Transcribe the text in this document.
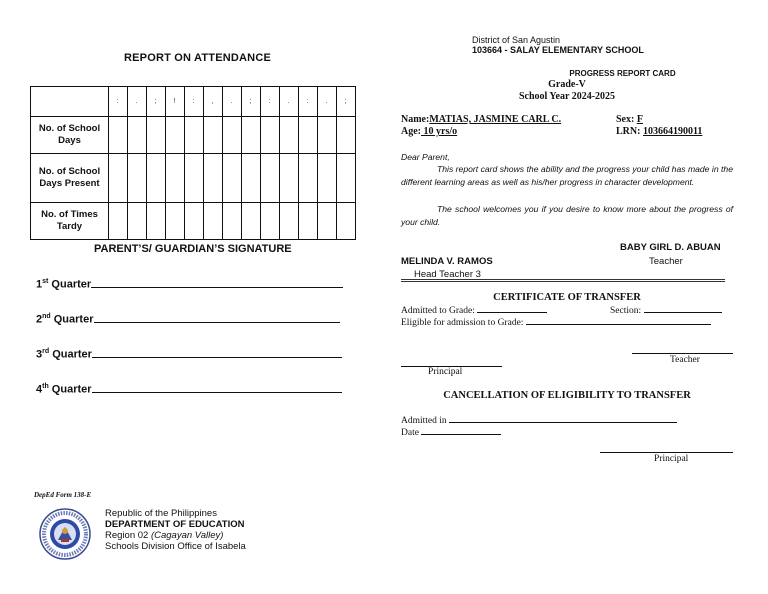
REPORT ON ATTENDANCE
	:	.	;	!	:	,	.	;	:	.	:	.	;
No. of School Days													
No. of School Days Present													
No. of Times Tardy													
PARENT’S/ GUARDIAN’S SIGNATURE
1st Quarter
2nd Quarter
3rd Quarter
4th Quarter
DepEd Form 138-E
Republic of the Philippines
DEPARTMENT OF EDUCATION
Region 02 (Cagayan Valley)
Schools Division Office of Isabela
District of San Agustin
103664 - SALAY ELEMENTARY SCHOOL
PROGRESS REPORT CARD
Grade-V
School Year 2024-2025
Name:MATIAS, JASMINE CARL C.	Sex: F
Age: 10 yrs/o	LRN: 103664190011
Dear Parent,
This report card shows the ability and the progress your child has made in the different learning areas as well as his/her progress in character development.
The school welcomes you if you desire to know more about the progress of your child.
BABY GIRL D. ABUAN
Teacher
MELINDA V. RAMOS
Head Teacher 3
CERTIFICATE OF TRANSFER
Admitted to Grade:	Section:
Eligible for admission to Grade:
Teacher
Principal
CANCELLATION OF ELIGIBILITY TO TRANSFER
Admitted in
Date
Principal
